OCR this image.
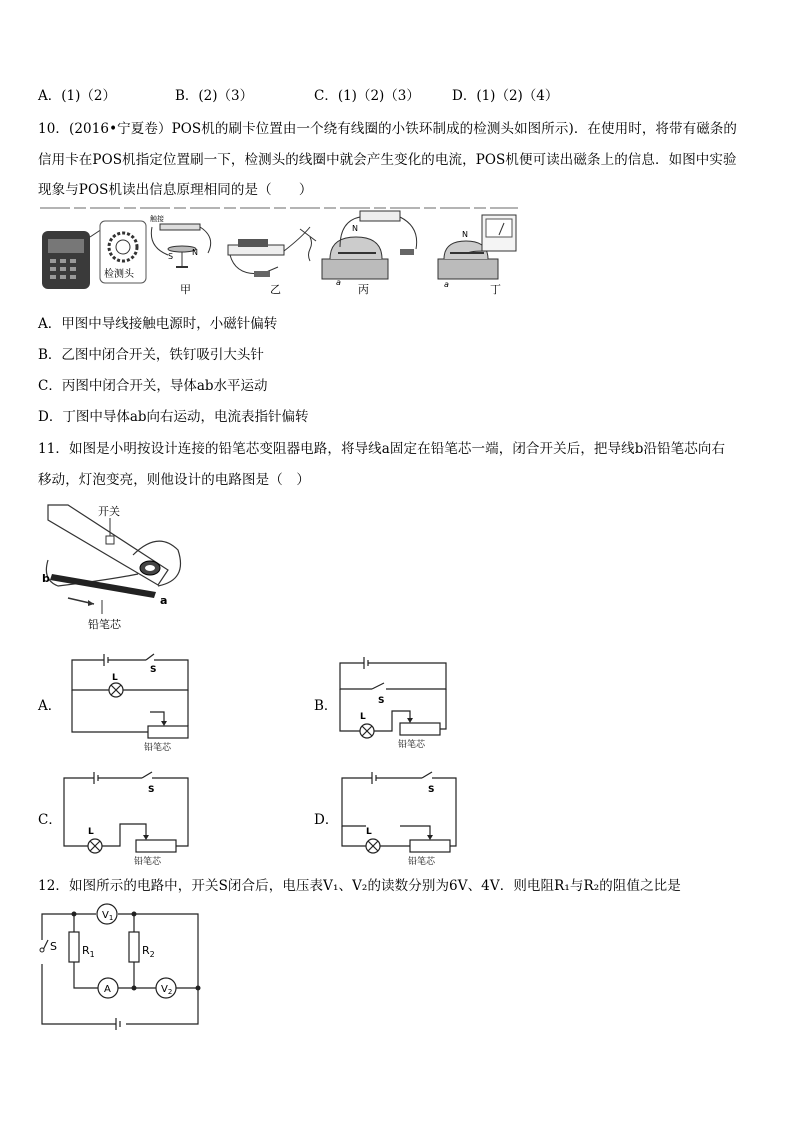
A．(1)（2）	B．(2)（3）	C．(1)（2)（3） D．(1)（2)（4）
10．(2016•宁夏卷）POS机的刷卡位置由一个绕有线圈的小铁环制成的检测头如图所示)．在使用时，将带有磁条的
信用卡在POS机指定位置刷一下，检测头的线圈中就会产生变化的电流，POS机便可读出磁条上的信息．如图中实验
现象与POS机读出信息原理相同的是（　　）
检测头
触接
S N
甲	乙
N
a
丙
N
a	丁
A．甲图中导线接触电源时，小磁针偏转
B．乙图中闭合开关，铁钉吸引大头针
C．丙图中闭合开关，导体ab水平运动
D．丁图中导体ab向右运动，电流表指针偏转
11．如图是小明按设计连接的铅笔芯变阻器电路，将导线a固定在铅笔芯一端，闭合开关后，把导线b沿铅笔芯向右
移动，灯泡变亮，则他设计的电路图是（　）
开关
b
a
铅笔芯
A．
S
L
铅笔芯
B．	S
L
铅笔芯
C．
S
L
铅笔芯
D．
S
L
铅笔芯
12．如图所示的电路中，开关S闭合后，电压表V₁、V₂的读数分别为6V、4V．则电阻R₁与R₂的阻值之比是
$V_1$
A	$V_2$
$R_1$	$R_2$
S
